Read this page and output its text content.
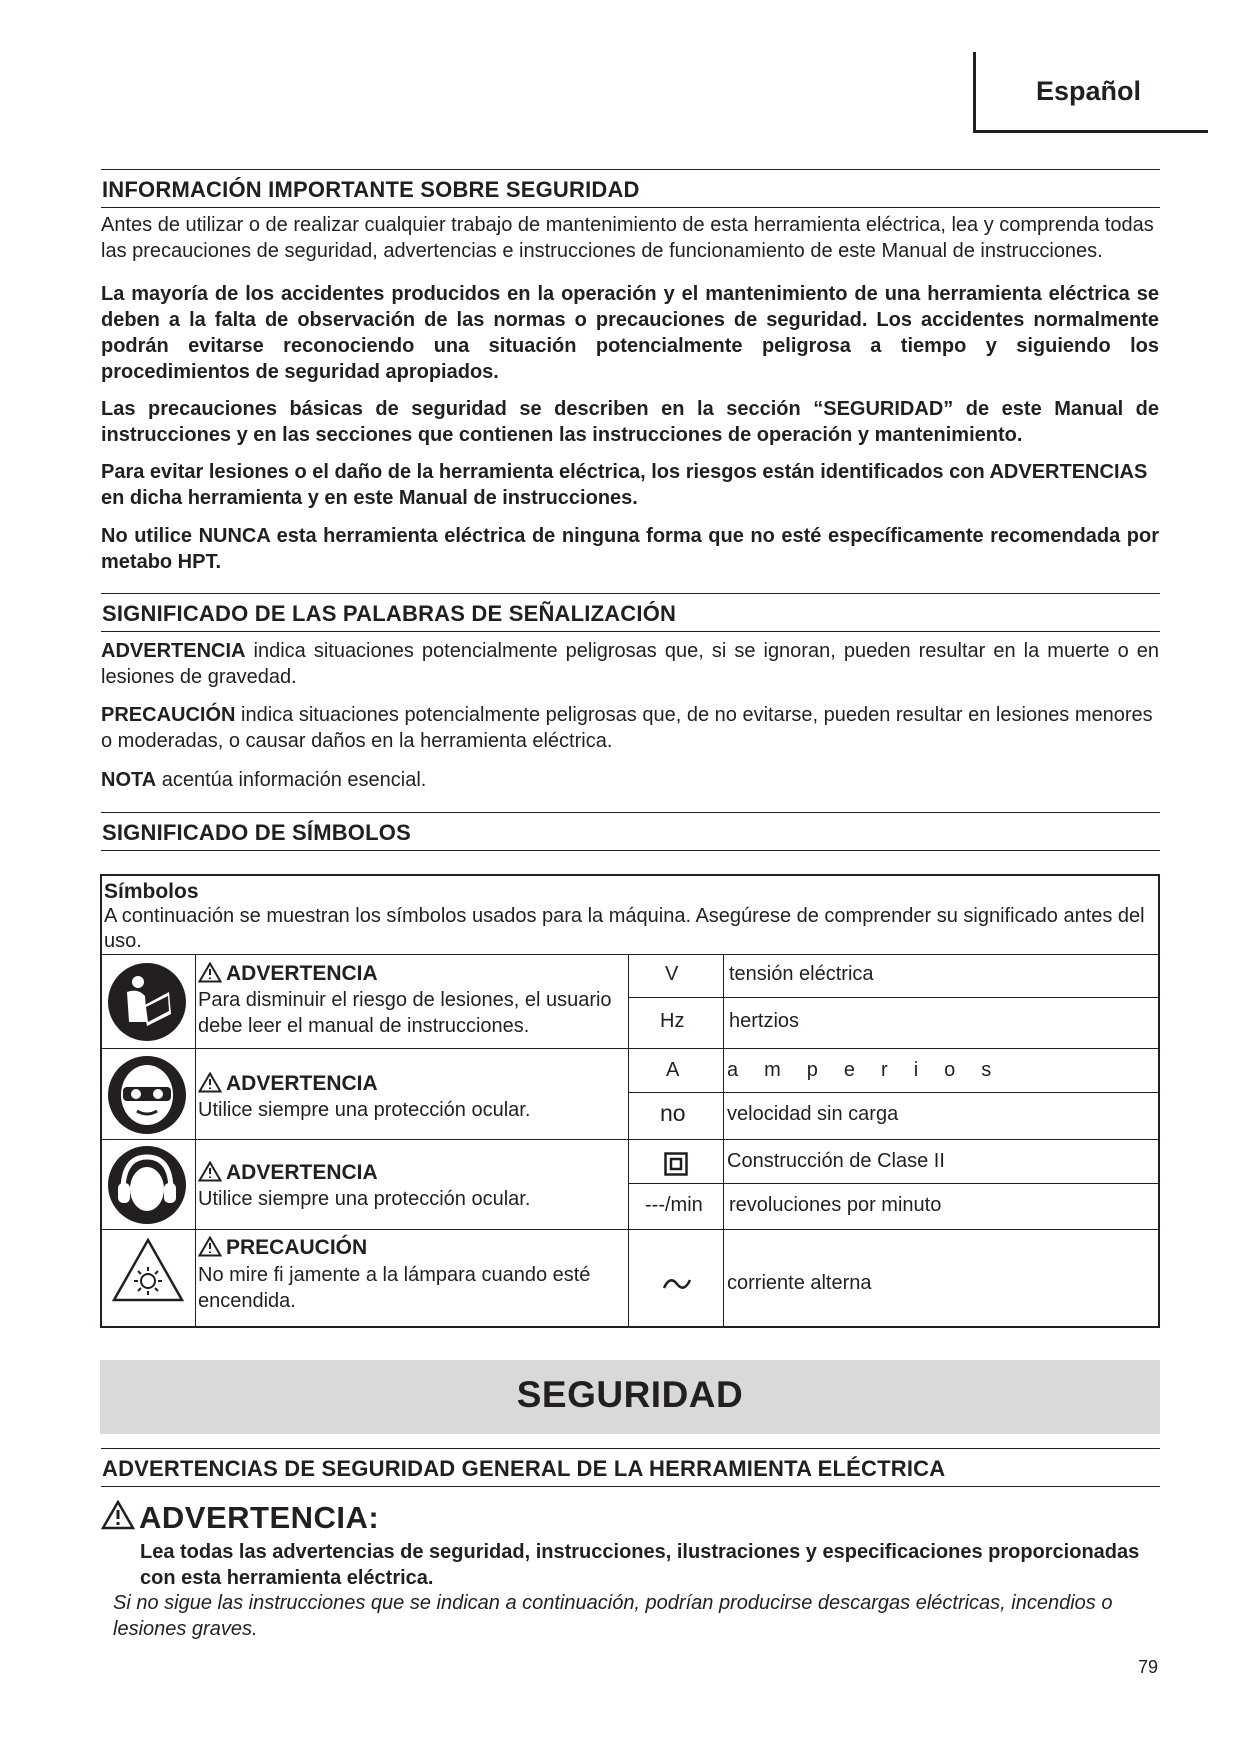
Español
INFORMACIÓN IMPORTANTE SOBRE SEGURIDAD
Antes de utilizar o de realizar cualquier trabajo de mantenimiento de esta herramienta eléctrica, lea y comprenda todas las precauciones de seguridad, advertencias e instrucciones de funcionamiento de este Manual de instrucciones.
La mayoría de los accidentes producidos en la operación y el mantenimiento de una herramienta eléctrica se deben a la falta de observación de las normas o precauciones de seguridad. Los accidentes normalmente podrán evitarse reconociendo una situación potencialmente peligrosa a tiempo y siguiendo los procedimientos de seguridad apropiados.
Las precauciones básicas de seguridad se describen en la sección “SEGURIDAD” de este Manual de instrucciones y en las secciones que contienen las instrucciones de operación y mantenimiento.
Para evitar lesiones o el daño de la herramienta eléctrica, los riesgos están identificados con ADVERTENCIAS en dicha herramienta y en este Manual de instrucciones.
No utilice NUNCA esta herramienta eléctrica de ninguna forma que no esté específicamente recomendada por metabo HPT.
SIGNIFICADO DE LAS PALABRAS DE SEÑALIZACIÓN
ADVERTENCIA indica situaciones potencialmente peligrosas que, si se ignoran, pueden resultar en la muerte o en lesiones de gravedad.
PRECAUCIÓN indica situaciones potencialmente peligrosas que, de no evitarse, pueden resultar en lesiones menores o moderadas, o causar daños en la herramienta eléctrica.
NOTA acentúa información esencial.
SIGNIFICADO DE SÍMBOLOS
Símbolos
A continuación se muestran los símbolos usados para la máquina. Asegúrese de comprender su significado antes del uso.
ADVERTENCIA
Para disminuir el riesgo de lesiones, el usuario debe leer el manual de instrucciones.
ADVERTENCIA
Utilice siempre una protección ocular.
ADVERTENCIA
Utilice siempre una protección ocular.
PRECAUCIÓN
No mire fi jamente a la lámpara cuando esté encendida.
V	tensión eléctrica
Hz hertzios
A amperios
no velocidad sin carga
Construcción de Clase II
---/min revoluciones por minuto
corriente alterna
SEGURIDAD
ADVERTENCIAS DE SEGURIDAD GENERAL DE LA HERRAMIENTA ELÉCTRICA
ADVERTENCIA:
Lea todas las advertencias de seguridad, instrucciones, ilustraciones y especificaciones proporcionadas con esta herramienta eléctrica.
Si no sigue las instrucciones que se indican a continuación, podrían producirse descargas eléctricas, incendios o lesiones graves.
79
